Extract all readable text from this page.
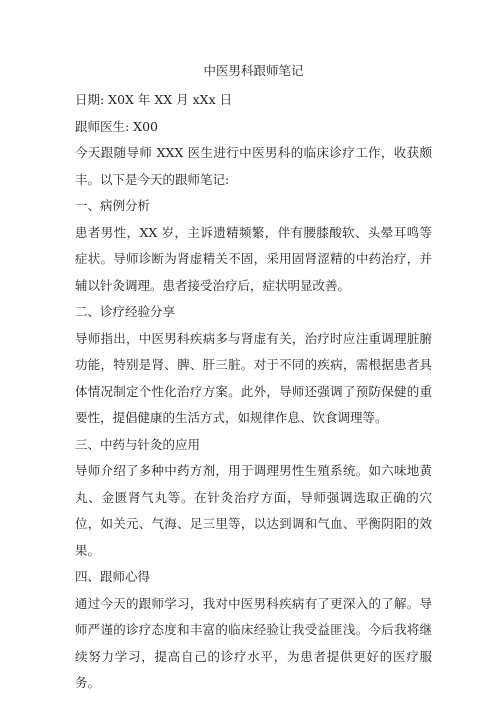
中医男科跟师笔记

日期: X0X 年 XX 月 xXx 日

跟师医生: X00

今天跟随导师 XXX 医生进行中医男科的临床诊疗工作，收获颇丰。以下是今天的跟师笔记:

一、病例分析

患者男性，XX 岁，主诉遗精频繁，伴有腰膝酸软、头晕耳鸣等症状。导师诊断为肾虚精关不固，采用固肾涩精的中药治疗，并辅以针灸调理。患者接受治疗后，症状明显改善。

二、诊疗经验分享

导师指出，中医男科疾病多与肾虚有关，治疗时应注重调理脏腑功能，特别是肾、脾、肝三脏。对于不同的疾病，需根据患者具体情况制定个性化治疗方案。此外，导师还强调了预防保健的重要性，提倡健康的生活方式，如规律作息、饮食调理等。

三、中药与针灸的应用

导师介绍了多种中药方剂，用于调理男性生殖系统。如六味地黄丸、金匮肾气丸等。在针灸治疗方面，导师强调选取正确的穴位，如关元、气海、足三里等，以达到调和气血、平衡阴阳的效果。

四、跟师心得

通过今天的跟师学习，我对中医男科疾病有了更深入的了解。导师严谨的诊疗态度和丰富的临床经验让我受益匪浅。今后我将继续努力学习，提高自己的诊疗水平，为患者提供更好的医疗服务。
